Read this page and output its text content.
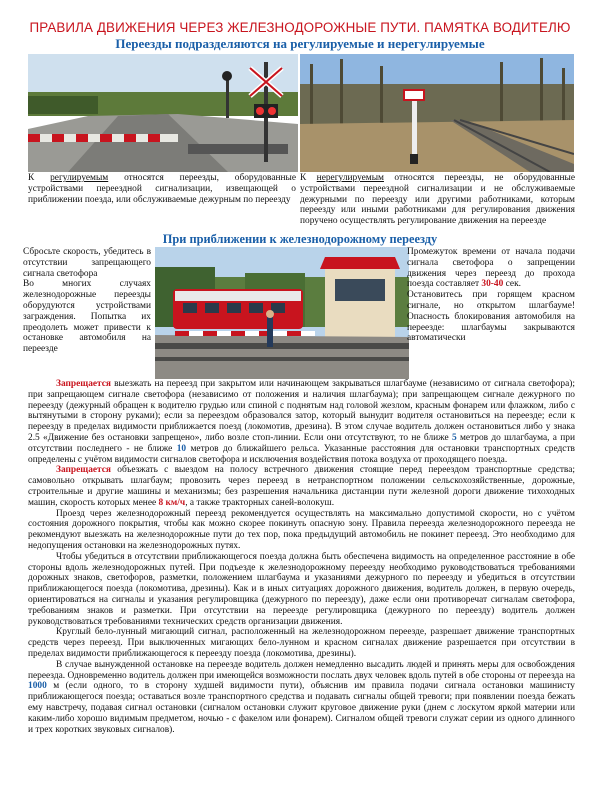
ПРАВИЛА ДВИЖЕНИЯ ЧЕРЕЗ ЖЕЛЕЗНОДОРОЖНЫЕ ПУТИ. ПАМЯТКА ВОДИТЕЛЮ
Переезды подразделяются на регулируемые и нерегулируемые

К регулируемым относятся переезды, оборудованные устройствами переездной сигнализации, извещающей о приближении поезда, или обслуживаемые дежурным по переезду

К нерегулируемым относятся переезды, не оборудованные устройствами переездной сигнализации и не обслуживаемые дежурными по переезду или другими работниками, которым переезду или иными работниками для регулирования движения поручено осуществлять регулирование движения на переезде

При приближении к железнодорожному переезду

Сбросьте скорость, убедитесь в отсутствии запрещающего сигнала светофора

Во многих случаях железнодорожные переезды оборудуются устройствами заграждения. Попытка их преодолеть может привести к остановке автомобиля на переезде

Промежуток времени от начала подачи сигнала светофора о запрещении движения через переезд до прохода поезда составляет 30-40 сек.

Остановитесь при горящем красном сигнале, но открытом шлагбауме! Опасность блокирования автомобиля на переезде: шлагбаумы закрываются автоматически

Запрещается выезжать на переезд при закрытом или начинающем закрываться шлагбауме (независимо от сигнала светофора); при запрещающем сигнале светофора (независимо от положения и наличия шлагбаума); при запрещающем сигнале дежурного по переезду (дежурный обращен к водителю грудью или спиной с поднятым над головой жезлом, красным фонарем или флажком, либо с вытянутыми в сторону руками); если за переездом образовался затор, который вынудит водителя остановиться на переезде; если к переезду в пределах видимости приближается поезд (локомотив, дрезина). В этом случае водитель должен остановиться либо у знака 2.5 «Движение без остановки запрещено», либо возле стоп-линии. Если они отсутствуют, то не ближе 5 метров до шлагбаума, а при отсутствии последнего - не ближе 10 метров до ближайшего рельса. Указанные расстояния для остановки транспортных средств определены с учётом видимости сигналов светофора и исключения воздействия потока воздуха от проходящего поезда.

Запрещается объезжать с выездом на полосу встречного движения стоящие перед переездом транспортные средства; самовольно открывать шлагбаум; провозить через переезд в нетранспортном положении сельскохозяйственные, дорожные, строительные и другие машины и механизмы; без разрешения начальника дистанции пути железной дороги движение тихоходных машин, скорость которых менее 8 км/ч, а также тракторных саней-волокуш.

Проезд через железнодорожный переезд рекомендуется осуществлять на максимально допустимой скорости, но с учётом состояния дорожного покрытия, чтобы как можно скорее покинуть опасную зону. Правила переезда железнодорожного переезда не рекомендуют выезжать на железнодорожные пути до тех пор, пока предыдущий автомобиль не покинет переезд. Это необходимо для недопущения остановки на железнодорожных путях.

Чтобы убедиться в отсутствии приближающегося поезда должна быть обеспечена видимость на определенное расстояние в обе стороны вдоль железнодорожных путей. При подъезде к железнодорожному переезду необходимо руководствоваться требованиями дорожных знаков, светофоров, разметки, положением шлагбаума и указаниями дежурного по переезду и убедиться в отсутствии приближающегося поезда (локомотива, дрезины). Как и в иных ситуациях дорожного движения, водитель должен, в первую очередь, ориентироваться на сигналы и указания регулировщика (дежурного по переезду), даже если они противоречат сигналам светофора, требованиям знаков и разметки. При отсутствии на переезде регулировщика (дежурного по переезду) водитель должен руководствоваться требованиями технических средств организации движения.

Круглый бело-лунный мигающий сигнал, расположенный на железнодорожном переезде, разрешает движение транспортных средств через переезд. При выключенных мигающих бело-лунном и красном сигналах движение разрешается при отсутствии в пределах видимости приближающегося к переезду поезда (локомотива, дрезины).

В случае вынужденной остановке на переезде водитель должен немедленно высадить людей и принять меры для освобождения переезда. Одновременно водитель должен при имеющейся возможности послать двух человек вдоль путей в обе стороны от переезда на 1000 м (если одного, то в сторону худшей видимости пути), объяснив им правила подачи сигнала остановки машинисту приближающегося поезда; оставаться возле транспортного средства и подавать сигналы общей тревоги; при появлении поезда бежать ему навстречу, подавая сигнал остановки (сигналом остановки служит круговое движение руки (днем с лоскутом яркой материи или каким-либо хорошо видимым предметом, ночью - с факелом или фонарем). Сигналом общей тревоги служат серии из одного длинного и трех коротких звуковых сигналов).
